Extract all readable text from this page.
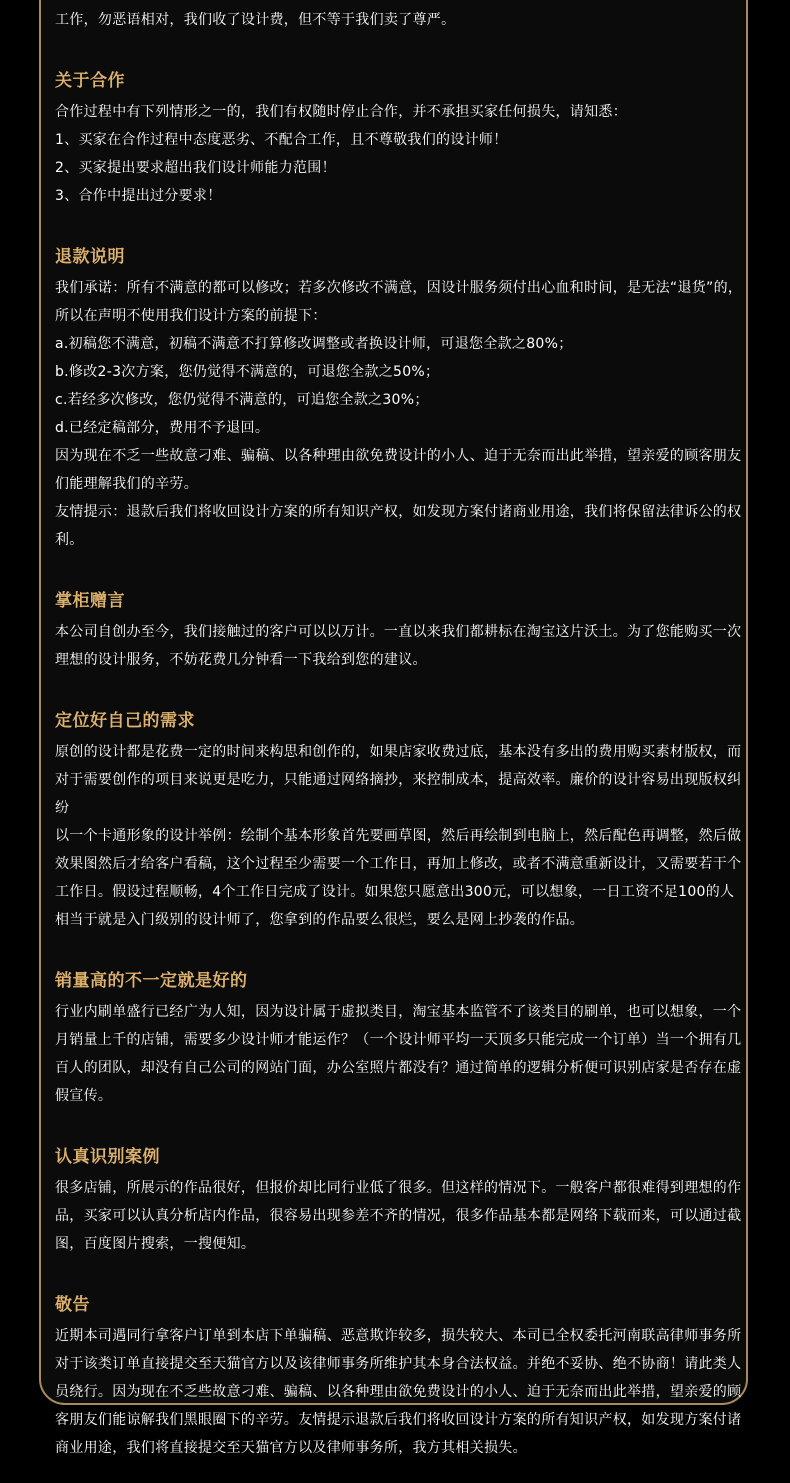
工作，勿恶语相对，我们收了设计费，但不等于我们卖了尊严。

关于合作

合作过程中有下列情形之一的，我们有权随时停止合作，并不承担买家任何损失，请知悉：

1、买家在合作过程中态度恶劣、不配合工作，且不尊敬我们的设计师！

2、买家提出要求超出我们设计师能力范围！

3、合作中提出过分要求！

退款说明

我们承诺：所有不满意的都可以修改；若多次修改不满意，因设计服务须付出心血和时间，是无法“退货”的，所以在声明不使用我们设计方案的前提下：

a.初稿您不满意，初稿不满意不打算修改调整或者换设计师，可退您全款之80%；

b.修改2-3次方案，您仍觉得不满意的，可退您全款之50%；

c.若经多次修改，您仍觉得不满意的，可追您全款之30%；

d.已经定稿部分，费用不予退回。

因为现在不乏一些故意刁难、骗稿、以各种理由欲免费设计的小人、迫于无奈而出此举措，望亲爱的顾客朋友们能理解我们的辛劳。

友情提示：退款后我们将收回设计方案的所有知识产权，如发现方案付诸商业用途，我们将保留法律诉公的权利。

掌柜赠言

本公司自创办至今，我们接触过的客户可以以万计。一直以来我们都耕标在淘宝这片沃土。为了您能购买一次理想的设计服务，不妨花费几分钟看一下我给到您的建议。

定位好自己的需求

原创的设计都是花费一定的时间来构思和创作的，如果店家收费过底，基本没有多出的费用购买素材版权，而对于需要创作的项目来说更是吃力，只能通过网络摘抄，来控制成本，提高效率。廉价的设计容易出现版权纠纷

以一个卡通形象的设计举例：绘制个基本形象首先要画草图，然后再绘制到电脑上，然后配色再调整，然后做效果图然后才给客户看稿，这个过程至少需要一个工作日，再加上修改，或者不满意重新设计，又需要若干个工作日。假设过程顺畅，4个工作日完成了设计。如果您只愿意出300元，可以想象，一日工资不足100的人相当于就是入门级别的设计师了，您拿到的作品要么很烂，要么是网上抄袭的作品。

销量高的不一定就是好的

行业内刷单盛行已经广为人知，因为设计属于虚拟类目，淘宝基本监管不了该类目的刷单，也可以想象，一个月销量上千的店铺，需要多少设计师才能运作？（一个设计师平均一天顶多只能完成一个订单）当一个拥有几百人的团队，却没有自己公司的网站门面，办公室照片都没有？通过简单的逻辑分析便可识别店家是否存在虚假宣传。

认真识别案例

很多店铺，所展示的作品很好，但报价却比同行业低了很多。但这样的情况下。一般客户都很难得到理想的作品，买家可以认真分析店内作品，很容易出现参差不齐的情况，很多作品基本都是网络下载而来，可以通过截图，百度图片搜索，一搜便知。

敬告

近期本司遇同行拿客户订单到本店下单骗稿、恶意欺诈较多，损失较大、本司已全权委托河南联高律师事务所对于该类订单直接提交至天猫官方以及该律师事务所维护其本身合法权益。并绝不妥协、绝不协商！请此类人员绕行。因为现在不乏些故意刁难、骗稿、以各种理由欲免费设计的小人、迫于无奈而出此举措，望亲爱的顾客朋友们能谅解我们黑眼圈下的辛劳。友情提示退款后我们将收回设计方案的所有知识产权，如发现方案付诸商业用途，我们将直接提交至天猫官方以及律师事务所，我方其相关损失。
